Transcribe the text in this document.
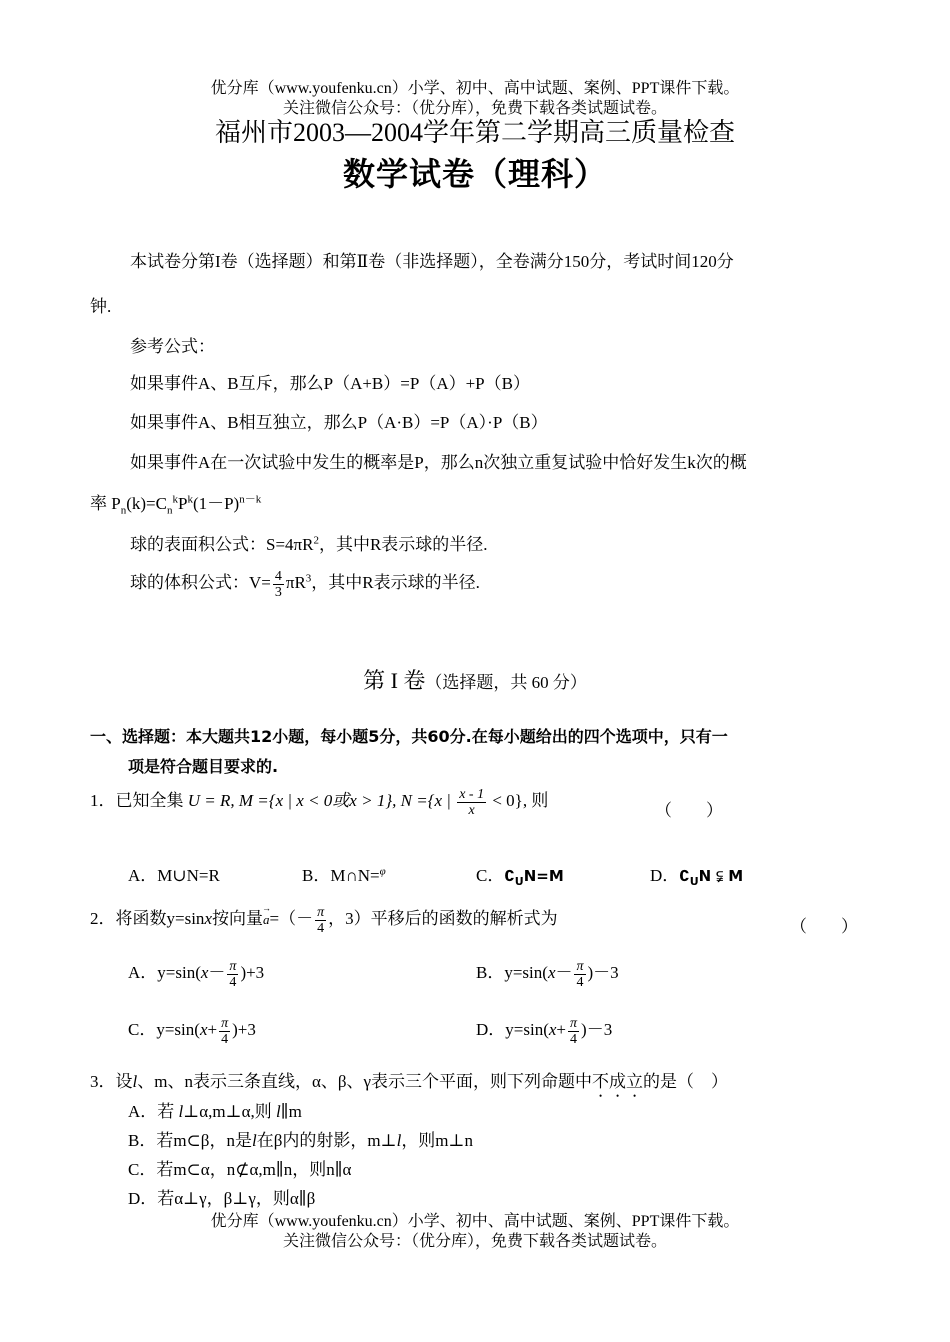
优分库（www.youfenku.cn）小学、初中、高中试题、案例、PPT课件下载。
关注微信公众号：（优分库），免费下载各类试题试卷。
福州市2003—2004学年第二学期高三质量检查
数学试卷（理科）
本试卷分第I卷（选择题）和第Ⅱ卷（非选择题），全卷满分150分，考试时间120分
钟.
参考公式：
如果事件A、B互斥，那么P（A+B）=P（A）+P（B）
如果事件A、B相互独立，那么P（A·B）=P（A）·P（B）
如果事件A在一次试验中发生的概率是P，那么n次独立重复试验中恰好发生k次的概
率 $P_n(k)=C_n^kP^k(1-P)^{n-k}$
球的表面积公式：$S=4\pi R^2$，其中R表示球的半径.
球的体积公式：$V= \frac{4}{3} \pi R^3$，其中R表示球的半径.
第 I 卷（选择题，共 60 分）
一、选择题：本大题共12小题，每小题5分，共60分.在每小题给出的四个选项中，只有一
项是符合题目要求的.
1．已知全集 U = R, M ={x | x < 0或x > 1}, N ={x | $\frac{x - 1}{x} < 0$}, 则
（　　）
A．M∪N=R	B．M∩N=$^\varphi$	C．$∁_UN=M$	D．$∁_UN$ ⫋ M
2．将函数y=sinx按向量→ $a=(- \frac{\pi}{4}$ ，3）平移后的函数的解析式为	（　　）
A．$y=\sin(x- \frac{\pi}{4} )+3$	B．$y=\sin(x- \frac{\pi}{4} )-3$
C．$y=\sin(x+ \frac{\pi}{4} )+3$	D．$y=\sin(x+ \frac{\pi}{4} )-3$
3．设l、m、n表示三条直线，α、β、γ表示三个平面，则下列命题中不成立的是（　）
A．若 l⊥α,m⊥α,则 l∥m
B．若m⊂β，n是l在β内的射影，m⊥l，则m⊥n
C．若m⊂α，n⊄α,m∥n，则n∥α
D．若α⊥γ，β⊥γ，则α∥β
优分库（www.youfenku.cn）小学、初中、高中试题、案例、PPT课件下载。
关注微信公众号：（优分库），免费下载各类试题试卷。
